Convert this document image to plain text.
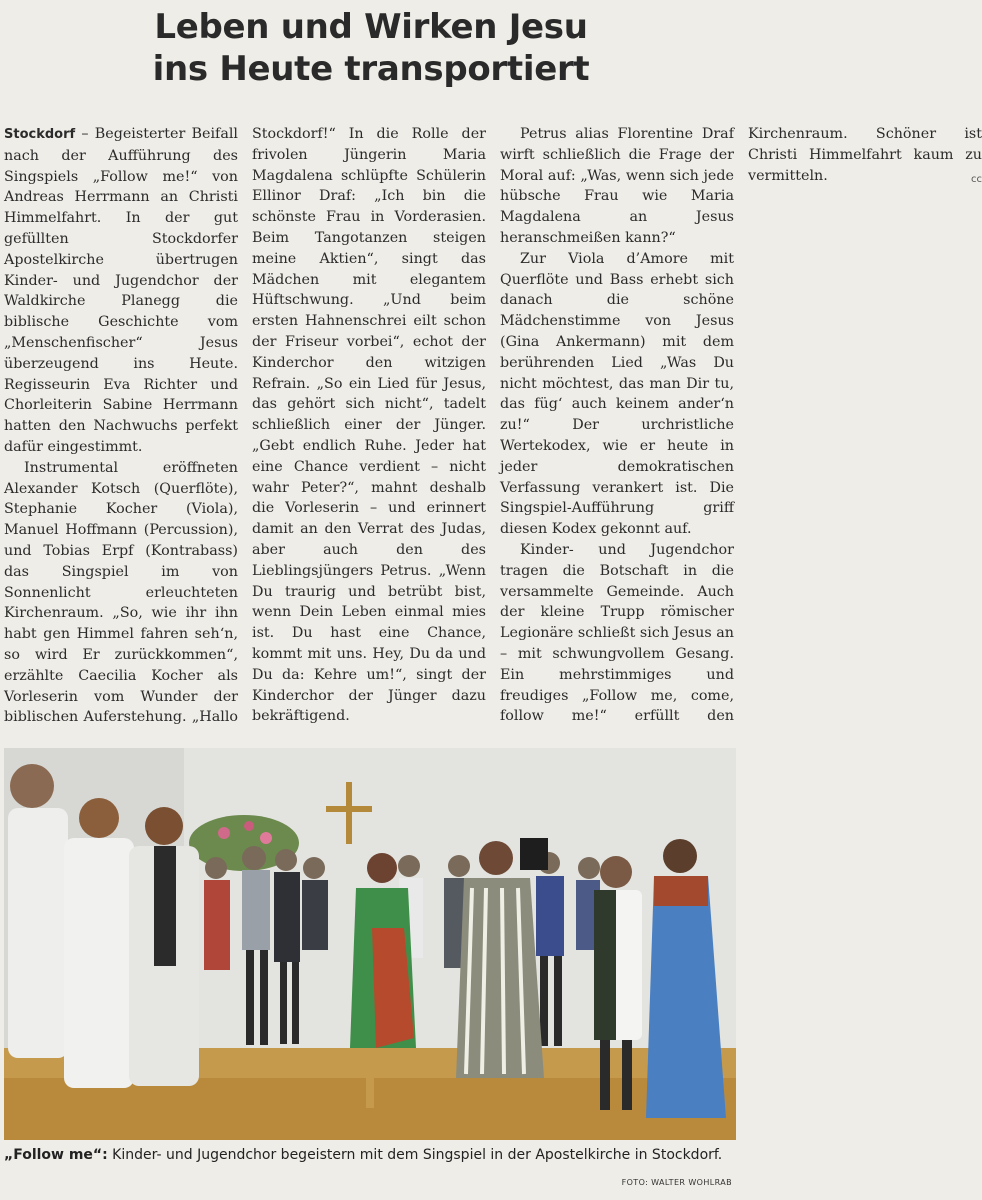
Leben und Wirken Jesu
ins Heute transportiert

Stockdorf – Begeisterter Beifall nach der Aufführung des Singspiels „Follow me!“ von Andreas Herrmann an Christi Himmelfahrt. In der gut gefüllten Stockdorfer Apostelkirche übertrugen Kinder- und Jugendchor der Waldkirche Planegg die biblische Geschichte vom „Menschenfischer“ Jesus überzeugend ins Heute. Regisseurin Eva Richter und Chorleiterin Sabine Herrmann hatten den Nachwuchs perfekt dafür eingestimmt.

Instrumental eröffneten Alexander Kotsch (Querflöte), Stephanie Kocher (Viola), Manuel Hoffmann (Percussion), und Tobias Erpf (Kontrabass) das Singspiel im von Sonnenlicht erleuchteten Kirchenraum. „So, wie ihr ihn habt gen Himmel fahren seh‘n, so wird Er zurückkommen“, erzählte Caecilia Kocher als Vorleserin vom Wunder der biblischen Auferstehung. „Hallo Stockdorf!“ In die Rolle der frivolen Jüngerin Maria Magdalena schlüpfte Schülerin Ellinor Draf: „Ich bin die schönste Frau in Vorderasien. Beim Tangotanzen steigen meine Aktien“, singt das Mädchen mit elegantem Hüftschwung. „Und beim ersten Hahnenschrei eilt schon der Friseur vorbei“, echot der Kinderchor den witzigen Refrain. „So ein Lied für Jesus, das gehört sich nicht“, tadelt schließlich einer der Jünger. „Gebt endlich Ruhe. Jeder hat eine Chance verdient – nicht wahr Peter?“, mahnt deshalb die Vorleserin – und erinnert damit an den Verrat des Judas, aber auch den des Lieblingsjüngers Petrus. „Wenn Du traurig und betrübt bist, wenn Dein Leben einmal mies ist. Du hast eine Chance, kommt mit uns. Hey, Du da und Du da: Kehre um!“, singt der Kinderchor der Jünger dazu bekräftigend.

Petrus alias Florentine Draf wirft schließlich die Frage der Moral auf: „Was, wenn sich jede hübsche Frau wie Maria Magdalena an Jesus heranschmeißen kann?“

Zur Viola d’Amore mit Querflöte und Bass erhebt sich danach die schöne Mädchenstimme von Jesus (Gina Ankermann) mit dem berührenden Lied „Was Du nicht möchtest, das man Dir tu, das füg‘ auch keinem ander‘n zu!“ Der urchristliche Wertekodex, wie er heute in jeder demokratischen Verfassung verankert ist. Die Singspiel-Aufführung griff diesen Kodex gekonnt auf.

Kinder- und Jugendchor tragen die Botschaft in die versammelte Gemeinde. Auch der kleine Trupp römischer Legionäre schließt sich Jesus an – mit schwungvollem Gesang. Ein mehrstimmiges und freudiges „Follow me, come, follow me!“ erfüllt den Kirchenraum. Schöner ist Christi Himmelfahrt kaum zu vermitteln.	cc

„Follow me“: Kinder- und Jugendchor begeistern mit dem Singspiel in der Apostelkirche in Stockdorf.
FOTO: WALTER WOHLRAB
